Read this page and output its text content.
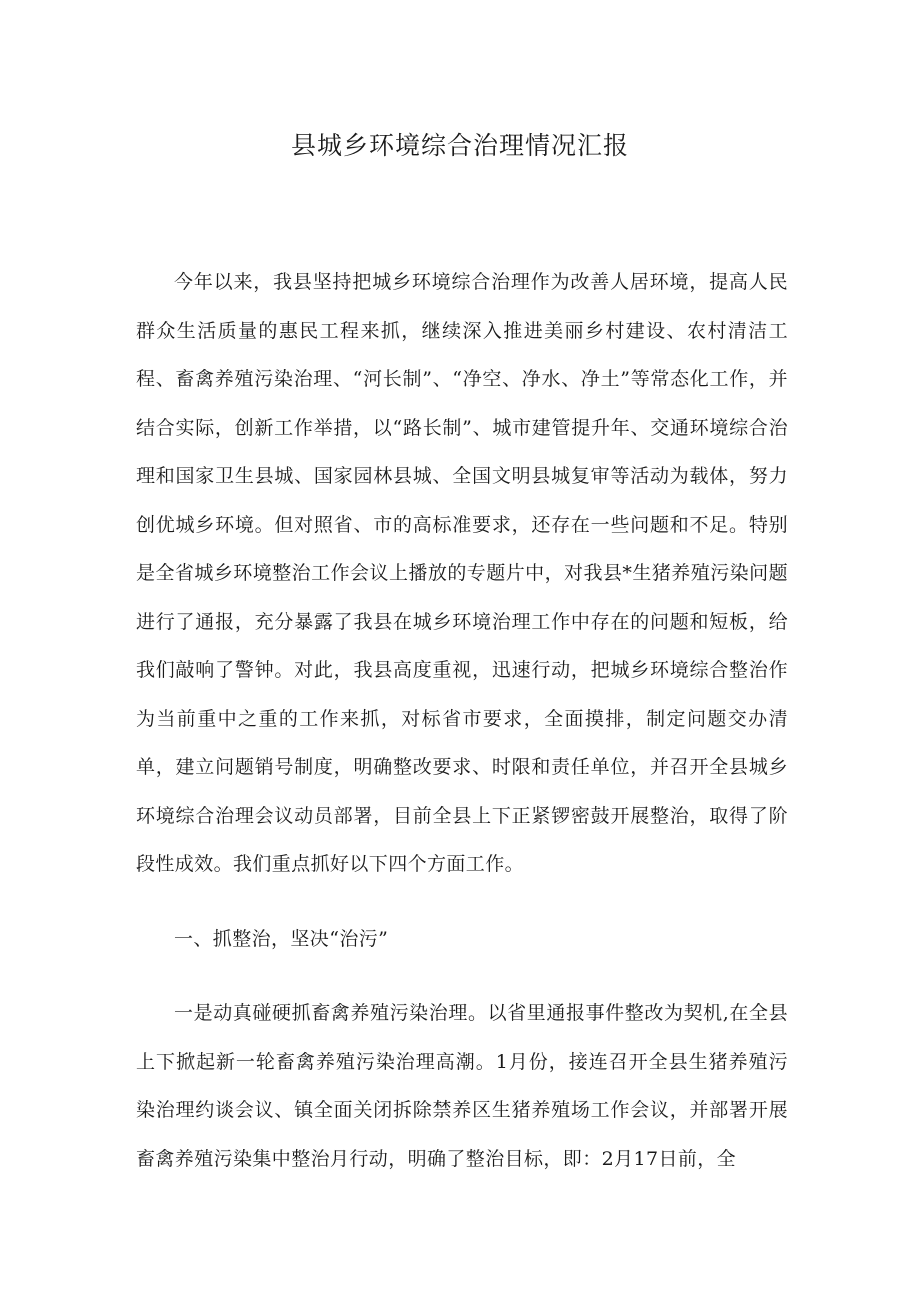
县城乡环境综合治理情况汇报

今年以来，我县坚持把城乡环境综合治理作为改善人居环境，提高人民群众生活质量的惠民工程来抓，继续深入推进美丽乡村建设、农村清洁工程、畜禽养殖污染治理、“河长制”、“净空、净水、净土”等常态化工作，并结合实际，创新工作举措，以“路长制”、城市建管提升年、交通环境综合治理和国家卫生县城、国家园林县城、全国文明县城复审等活动为载体，努力创优城乡环境。但对照省、市的高标准要求，还存在一些问题和不足。特别是全省城乡环境整治工作会议上播放的专题片中，对我县*生猪养殖污染问题进行了通报，充分暴露了我县在城乡环境治理工作中存在的问题和短板，给我们敲响了警钟。对此，我县高度重视，迅速行动，把城乡环境综合整治作为当前重中之重的工作来抓，对标省市要求，全面摸排，制定问题交办清单，建立问题销号制度，明确整改要求、时限和责任单位，并召开全县城乡环境综合治理会议动员部署，目前全县上下正紧锣密鼓开展整治，取得了阶段性成效。我们重点抓好以下四个方面工作。

一、抓整治，坚决“治污”

一是动真碰硬抓畜禽养殖污染治理。以省里通报事件整改为契机,在全县上下掀起新一轮畜禽养殖污染治理高潮。1月份，接连召开全县生猪养殖污染治理约谈会议、镇全面关闭拆除禁养区生猪养殖场工作会议，并部署开展畜禽养殖污染集中整治月行动，明确了整治目标，即：2月17日前，全
